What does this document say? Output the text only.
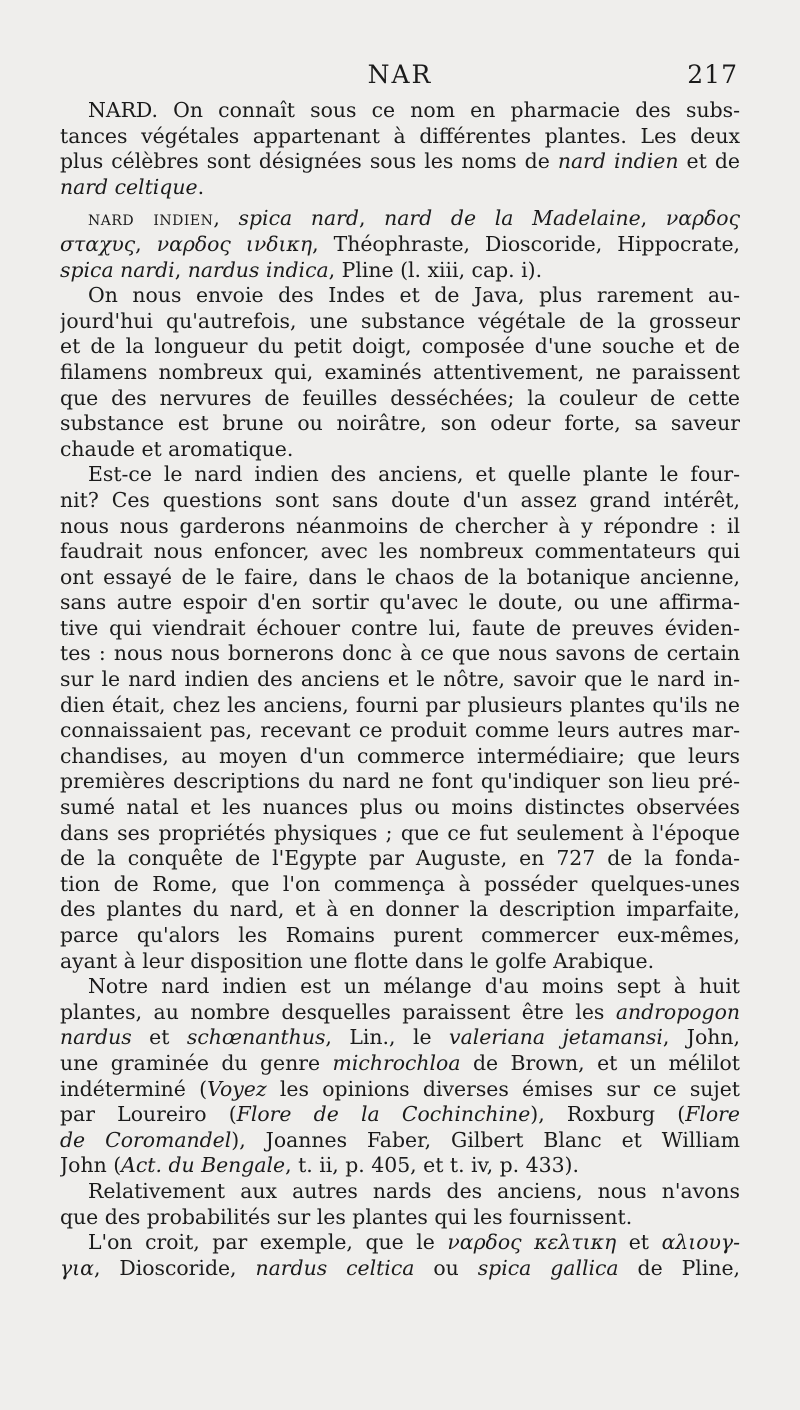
NAR	217
NARD. On connaît sous ce nom en pharmacie des subs-
tances végétales appartenant à différentes plantes. Les deux
plus célèbres sont désignées sous les noms de nard indien et de
nard celtique.
nard indien, spica nard, nard de la Madelaine, ναρδος
σταχυς, ναρδος ινδικη, Théophraste, Dioscoride, Hippocrate,
spica nardi, nardus indica, Pline (l. xiii, cap. i).
On nous envoie des Indes et de Java, plus rarement au-
jourd'hui qu'autrefois, une substance végétale de la grosseur
et de la longueur du petit doigt, composée d'une souche et de
filamens nombreux qui, examinés attentivement, ne paraissent
que des nervures de feuilles desséchées; la couleur de cette
substance est brune ou noirâtre, son odeur forte, sa saveur
chaude et aromatique.
Est-ce le nard indien des anciens, et quelle plante le four-
nit? Ces questions sont sans doute d'un assez grand intérêt,
nous nous garderons néanmoins de chercher à y répondre : il
faudrait nous enfoncer, avec les nombreux commentateurs qui
ont essayé de le faire, dans le chaos de la botanique ancienne,
sans autre espoir d'en sortir qu'avec le doute, ou une affirma-
tive qui viendrait échouer contre lui, faute de preuves éviden-
tes : nous nous bornerons donc à ce que nous savons de certain
sur le nard indien des anciens et le nôtre, savoir que le nard in-
dien était, chez les anciens, fourni par plusieurs plantes qu'ils ne
connaissaient pas, recevant ce produit comme leurs autres mar-
chandises, au moyen d'un commerce intermédiaire; que leurs
premières descriptions du nard ne font qu'indiquer son lieu pré-
sumé natal et les nuances plus ou moins distinctes observées
dans ses propriétés physiques ; que ce fut seulement à l'époque
de la conquête de l'Egypte par Auguste, en 727 de la fonda-
tion de Rome, que l'on commença à posséder quelques-unes
des plantes du nard, et à en donner la description imparfaite,
parce qu'alors les Romains purent commercer eux-mêmes,
ayant à leur disposition une flotte dans le golfe Arabique.
Notre nard indien est un mélange d'au moins sept à huit
plantes, au nombre desquelles paraissent être les andropogon
nardus et schœnanthus, Lin., le valeriana jetamansi, John,
une graminée du genre michrochloa de Brown, et un mélilot
indéterminé (Voyez les opinions diverses émises sur ce sujet
par Loureiro (Flore de la Cochinchine), Roxburg (Flore
de Coromandel), Joannes Faber, Gilbert Blanc et William
John (Act. du Bengale, t. ii, p. 405, et t. iv, p. 433).
Relativement aux autres nards des anciens, nous n'avons
que des probabilités sur les plantes qui les fournissent.
L'on croit, par exemple, que le ναρδος κελτικη et αλιουγ-
για, Dioscoride, nardus celtica ou spica gallica de Pline,
